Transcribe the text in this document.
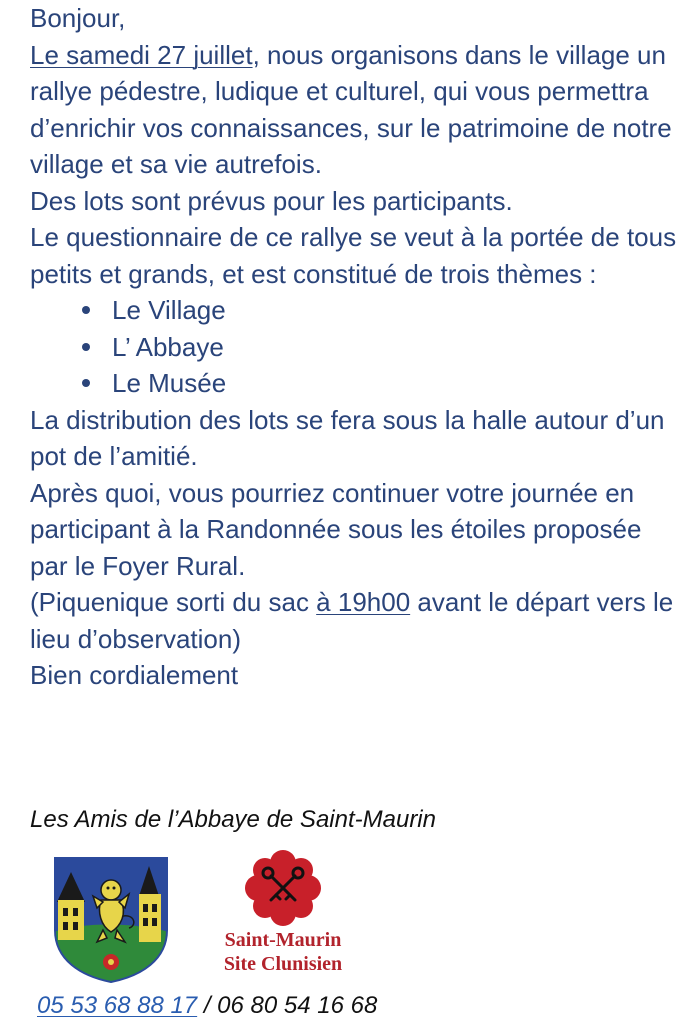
Bonjour,

Le samedi 27 juillet, nous organisons dans le village un rallye pédestre, ludique et culturel, qui vous permettra d’enrichir vos connaissances, sur le patrimoine de notre village et sa vie autrefois.

Des lots sont prévus pour les participants.

Le questionnaire de ce rallye se veut à la portée de tous petits et grands, et est constitué de trois thèmes :

Le Village
L’ Abbaye
Le Musée

La distribution des lots se fera sous la halle autour d’un pot de l’amitié.

Après quoi, vous pourriez continuer votre journée en participant à la Randonnée sous les étoiles proposée par le Foyer Rural.

(Piquenique sorti du sac à 19h00 avant le départ vers le lieu d’observation)

Bien cordialement

Les Amis de l’Abbaye de Saint-Maurin
Saint-Maurin
Site Clunisien
05 53 68 88 17 / 06 80 54 16 68
